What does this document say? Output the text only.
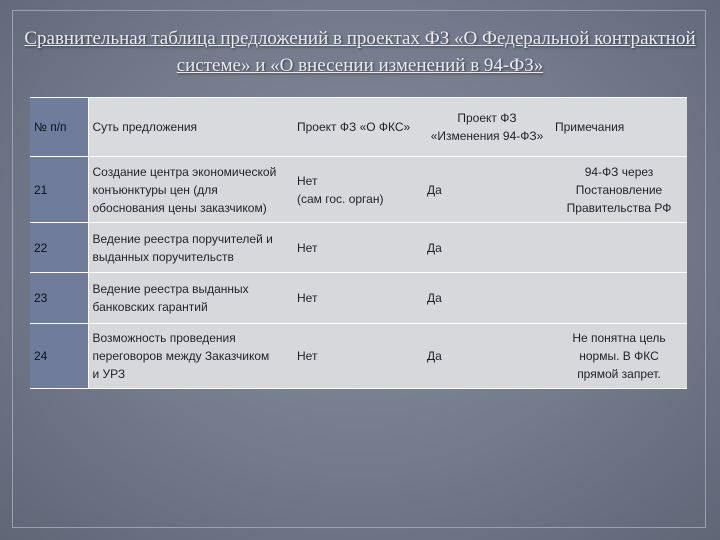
Сравнительная таблица предложений в проектах ФЗ «О Федеральной контрактной системе» и «О внесении изменений в 94-ФЗ»
№ п/п	Суть предложения	Проект ФЗ «О ФКС»	Проект ФЗ
«Изменения 94-ФЗ»	Примечания
21	Создание центра экономической
конъюнктуры цен (для
обоснования цены заказчиком)	Нет
(сам гос. орган)	Да	94-ФЗ через
Постановление
Правительства РФ
22	Ведение реестра поручителей и
выданных поручительств	Нет	Да	
23	Ведение реестра выданных
банковских гарантий	Нет	Да	
24	Возможность проведения
переговоров между Заказчиком
и УРЗ	Нет	Да	Не понятна цель
нормы. В ФКС
прямой запрет.
